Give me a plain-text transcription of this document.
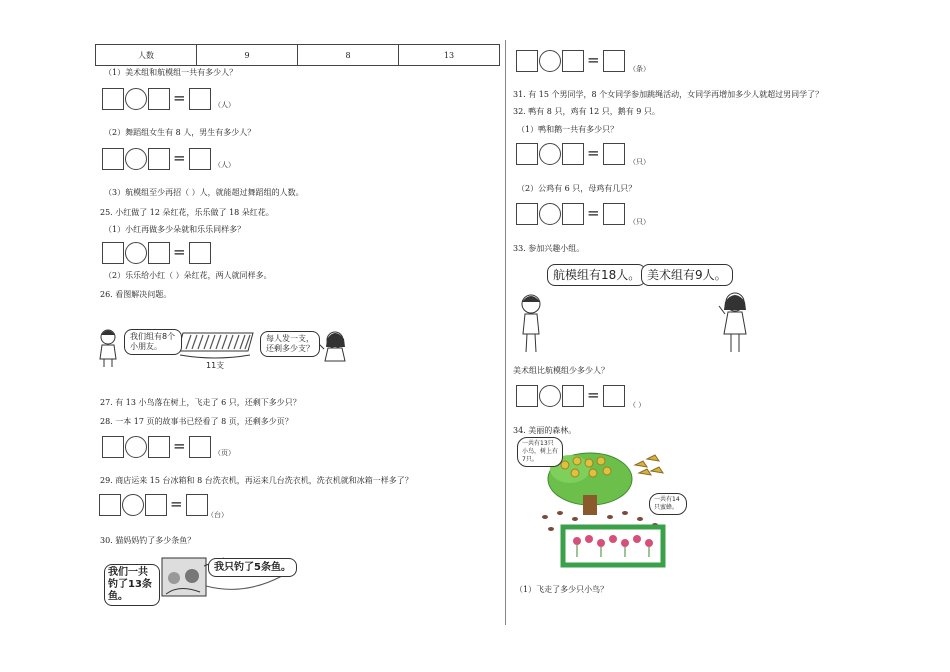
人数	9	8	13
（1）美术组和航模组一共有多少人？
=	（人）
（2）舞蹈组女生有 8 人，男生有多少人？
=	（人）
（3）航模组至少再招（ ）人，就能超过舞蹈组的人数。
25. 小红做了 12 朵红花，乐乐做了 18 朵红花。
（1）小红再做多少朵就和乐乐同样多？
=
（2）乐乐给小红（ ）朵红花，两人就同样多。
26. 看图解决问题。
我们组有8个小朋友。
每人发一支，还剩多少支？
11支
27. 有 13 小鸟落在树上，飞走了 6 只，还剩下多少只？
28. 一本 17 页的故事书已经看了 8 页，还剩多少页？
=	（页）
29. 商店运来 15 台冰箱和 8 台洗衣机，再运来几台洗衣机，洗衣机就和冰箱一样多了？
=
（台）
30. 猫妈妈钓了多少条鱼？
我们一共钓了13条鱼。
我只钓了5条鱼。
=	（条）
31. 有 15 个男同学，8 个女同学参加跳绳活动，女同学再增加多少人就超过男同学了？
32. 鸭有 8 只，鸡有 12 只，鹅有 9 只。
（1）鸭和鹅一共有多少只？
=	（只）
（2）公鸡有 6 只，母鸡有几只？
=	（只）
33. 参加兴趣小组。
航模组有18人。 美术组有9人。
美术组比航模组少多少人？
=
（ ）
34. 美丽的森林。
一共有13只小鸟，树上有7只。
一共有14只蜜蜂。
（1）飞走了多少只小鸟？
